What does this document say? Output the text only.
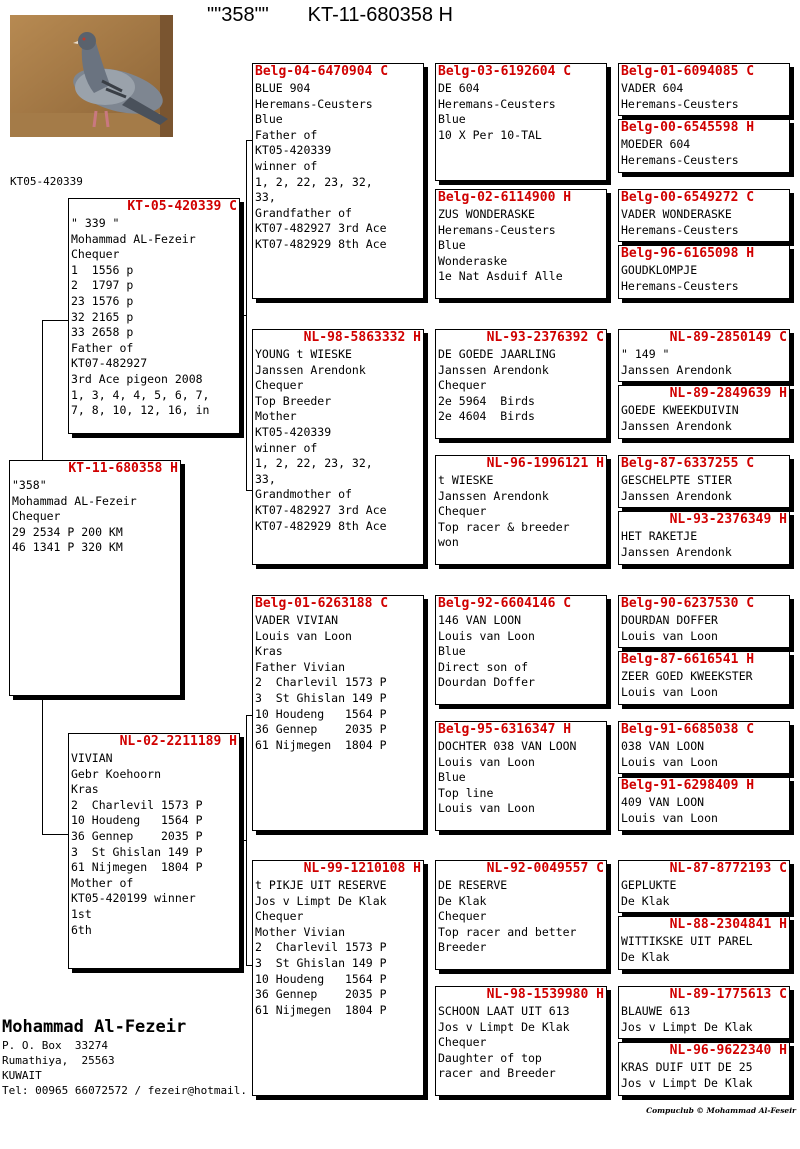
""358""       KT-11-680358 H
KT05-420339
KT-11-680358 H
"358"
Mohammad AL-Fezeir
Chequer
29 2534 P 200 KM
46 1341 P 320 KM
KT-05-420339 C
" 339 "
Mohammad AL-Fezeir
Chequer
1  1556 p
2  1797 p
23 1576 p
32 2165 p
33 2658 p
Father of
KT07-482927
3rd Ace pigeon 2008
1, 3, 4, 4, 5, 6, 7,
7, 8, 10, 12, 16, in
NL-02-2211189 H
VIVIAN
Gebr Koehoorn
Kras
2  Charlevil 1573 P
10 Houdeng   1564 P
36 Gennep    2035 P
3  St Ghislan 149 P
61 Nijmegen  1804 P
Mother of
KT05-420199 winner
1st
6th
Belg-04-6470904 C
BLUE 904
Heremans-Ceusters
Blue
Father of
KT05-420339
winner of
1, 2, 22, 23, 32,
33,
Grandfather of
KT07-482927 3rd Ace
KT07-482929 8th Ace
NL-98-5863332 H
YOUNG t WIESKE
Janssen Arendonk
Chequer
Top Breeder
Mother
KT05-420339
winner of
1, 2, 22, 23, 32,
33,
Grandmother of
KT07-482927 3rd Ace
KT07-482929 8th Ace
Belg-01-6263188 C
VADER VIVIAN
Louis van Loon
Kras
Father Vivian
2  Charlevil 1573 P
3  St Ghislan 149 P
10 Houdeng   1564 P
36 Gennep    2035 P
61 Nijmegen  1804 P
NL-99-1210108 H
t PIKJE UIT RESERVE
Jos v Limpt De Klak
Chequer
Mother Vivian
2  Charlevil 1573 P
3  St Ghislan 149 P
10 Houdeng   1564 P
36 Gennep    2035 P
61 Nijmegen  1804 P
Belg-03-6192604 C
DE 604
Heremans-Ceusters
Blue
10 X Per 10-TAL
Belg-02-6114900 H
ZUS WONDERASKE
Heremans-Ceusters
Blue
Wonderaske
1e Nat Asduif Alle
NL-93-2376392 C
DE GOEDE JAARLING
Janssen Arendonk
Chequer
2e 5964  Birds
2e 4604  Birds
NL-96-1996121 H
t WIESKE
Janssen Arendonk
Chequer
Top racer & breeder
won
Belg-92-6604146 C
146 VAN LOON
Louis van Loon
Blue
Direct son of
Dourdan Doffer
Belg-95-6316347 H
DOCHTER 038 VAN LOON
Louis van Loon
Blue
Top line
Louis van Loon
NL-92-0049557 C
DE RESERVE
De Klak
Chequer
Top racer and better
Breeder
NL-98-1539980 H
SCHOON LAAT UIT 613
Jos v Limpt De Klak
Chequer
Daughter of top
racer and Breeder
Belg-01-6094085 C
VADER 604
Heremans-Ceusters
Belg-00-6545598 H
MOEDER 604
Heremans-Ceusters
Belg-00-6549272 C
VADER WONDERASKE
Heremans-Ceusters
Belg-96-6165098 H
GOUDKLOMPJE
Heremans-Ceusters
NL-89-2850149 C
" 149 "
Janssen Arendonk
NL-89-2849639 H
GOEDE KWEEKDUIVIN
Janssen Arendonk
Belg-87-6337255 C
GESCHELPTE STIER
Janssen Arendonk
NL-93-2376349 H
HET RAKETJE
Janssen Arendonk
Belg-90-6237530 C
DOURDAN DOFFER
Louis van Loon
Belg-87-6616541 H
ZEER GOED KWEEKSTER
Louis van Loon
Belg-91-6685038 C
038 VAN LOON
Louis van Loon
Belg-91-6298409 H
409 VAN LOON
Louis van Loon
NL-87-8772193 C
GEPLUKTE
De Klak
NL-88-2304841 H
WITTIKSKE UIT PAREL
De Klak
NL-89-1775613 C
BLAUWE 613
Jos v Limpt De Klak
NL-96-9622340 H
KRAS DUIF UIT DE 25
Jos v Limpt De Klak
Mohammad Al-Fezeir
P. O. Box  33274
Rumathiya,  25563
KUWAIT
Tel: 00965 66072572 / fezeir@hotmail.
Compuclub © Mohammad Al-Feseir
